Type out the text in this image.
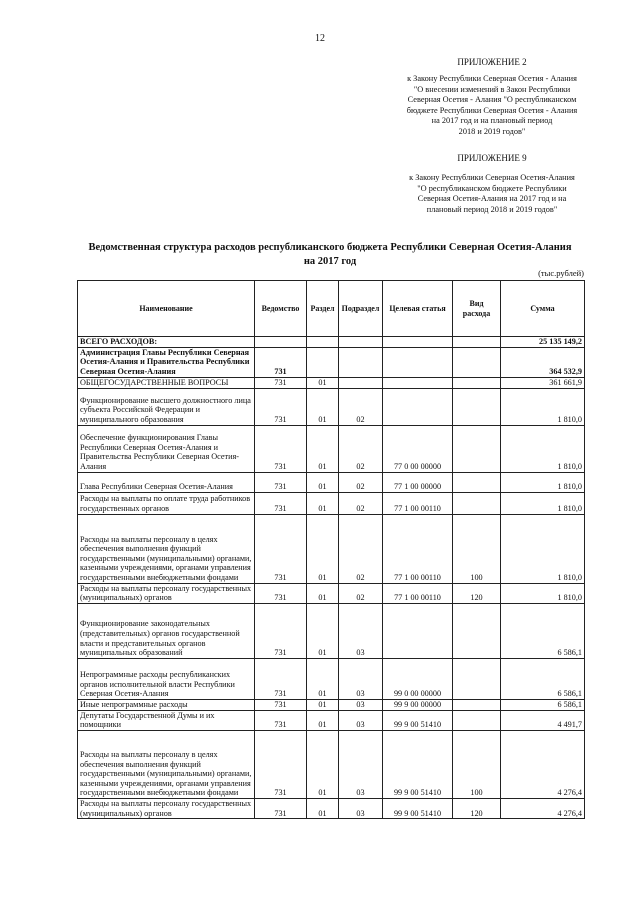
12
ПРИЛОЖЕНИЕ 2
к Закону Республики Северная Осетия - Алания
"О внесении изменений в Закон Республики
Северная Осетия - Алания "О республиканском
бюджете Республики Северная Осетия - Алания
на 2017 год и на плановый период
2018 и 2019 годов"
ПРИЛОЖЕНИЕ 9
к Закону Республики Северная Осетия-Алания
"О республиканском бюджете Республики
Северная Осетия-Алания на 2017 год и на
плановый период 2018 и 2019 годов"
Ведомственная структура расходов республиканского бюджета Республики Северная Осетия-Алания
на 2017 год
(тыс.рублей)
Наименование	Ведомство	Раздел	Подраздел	Целевая статья	Вид расхода	Сумма
ВСЕГО РАСХОДОВ:						25 135 149,2
Администрация Главы Республики Северная Осетия-Алания и Правительства Республики Северная Осетия-Алания	731					364 532,9
ОБЩЕГОСУДАРСТВЕННЫЕ ВОПРОСЫ	731	01				361 661,9
Функционирование высшего должностного лица субъекта Российской Федерации и муниципального образования	731	01	02			1 810,0
Обеспечение функционирования Главы Республики Северная Осетия-Алания и Правительства Республики Северная Осетия-Алания	731	01	02	77 0 00 00000		1 810,0
Глава Республики Северная Осетия-Алания	731	01	02	77 1 00 00000		1 810,0
Расходы на выплаты по оплате труда работников государственных органов	731	01	02	77 1 00 00110		1 810,0
Расходы на выплаты персоналу в целях обеспечения выполнения функций государственными (муниципальными) органами, казенными учреждениями, органами управления государственными внебюджетными фондами	731	01	02	77 1 00 00110	100	1 810,0
Расходы на выплаты персоналу государственных (муниципальных) органов	731	01	02	77 1 00 00110	120	1 810,0
Функционирование законодательных (представительных) органов государственной власти и представительных органов муниципальных образований	731	01	03			6 586,1
Непрограммные расходы республиканских органов исполнительной власти Республики Северная Осетия-Алания	731	01	03	99 0 00 00000		6 586,1
Иные непрограммные расходы	731	01	03	99 9 00 00000		6 586,1
Депутаты Государственной Думы и их помощники	731	01	03	99 9 00 51410		4 491,7
Расходы на выплаты персоналу в целях обеспечения выполнения функций государственными (муниципальными) органами, казенными учреждениями, органами управления государственными внебюджетными фондами	731	01	03	99 9 00 51410	100	4 276,4
Расходы на выплаты персоналу государственных (муниципальных) органов	731	01	03	99 9 00 51410	120	4 276,4
